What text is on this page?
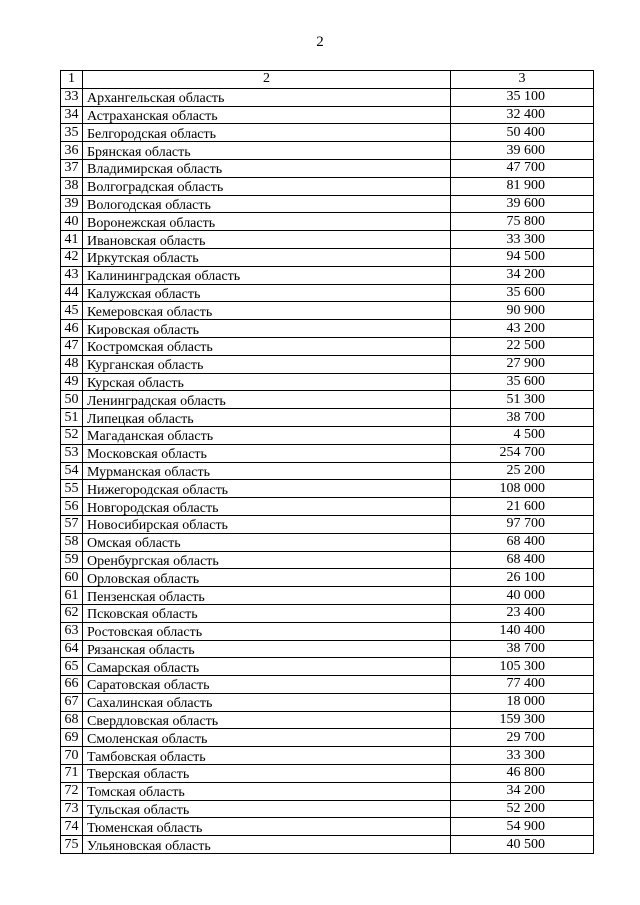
2
1	2	3
33	Архангельская область	35 100
34	Астраханская область	32 400
35	Белгородская область	50 400
36	Брянская область	39 600
37	Владимирская область	47 700
38	Волгоградская область	81 900
39	Вологодская область	39 600
40	Воронежская область	75 800
41	Ивановская область	33 300
42	Иркутская область	94 500
43	Калининградская область	34 200
44	Калужская область	35 600
45	Кемеровская область	90 900
46	Кировская область	43 200
47	Костромская область	22 500
48	Курганская область	27 900
49	Курская область	35 600
50	Ленинградская область	51 300
51	Липецкая область	38 700
52	Магаданская область	4 500
53	Московская область	254 700
54	Мурманская область	25 200
55	Нижегородская область	108 000
56	Новгородская область	21 600
57	Новосибирская область	97 700
58	Омская область	68 400
59	Оренбургская область	68 400
60	Орловская область	26 100
61	Пензенская область	40 000
62	Псковская область	23 400
63	Ростовская область	140 400
64	Рязанская область	38 700
65	Самарская область	105 300
66	Саратовская область	77 400
67	Сахалинская область	18 000
68	Свердловская область	159 300
69	Смоленская область	29 700
70	Тамбовская область	33 300
71	Тверская область	46 800
72	Томская область	34 200
73	Тульская область	52 200
74	Тюменская область	54 900
75	Ульяновская область	40 500
